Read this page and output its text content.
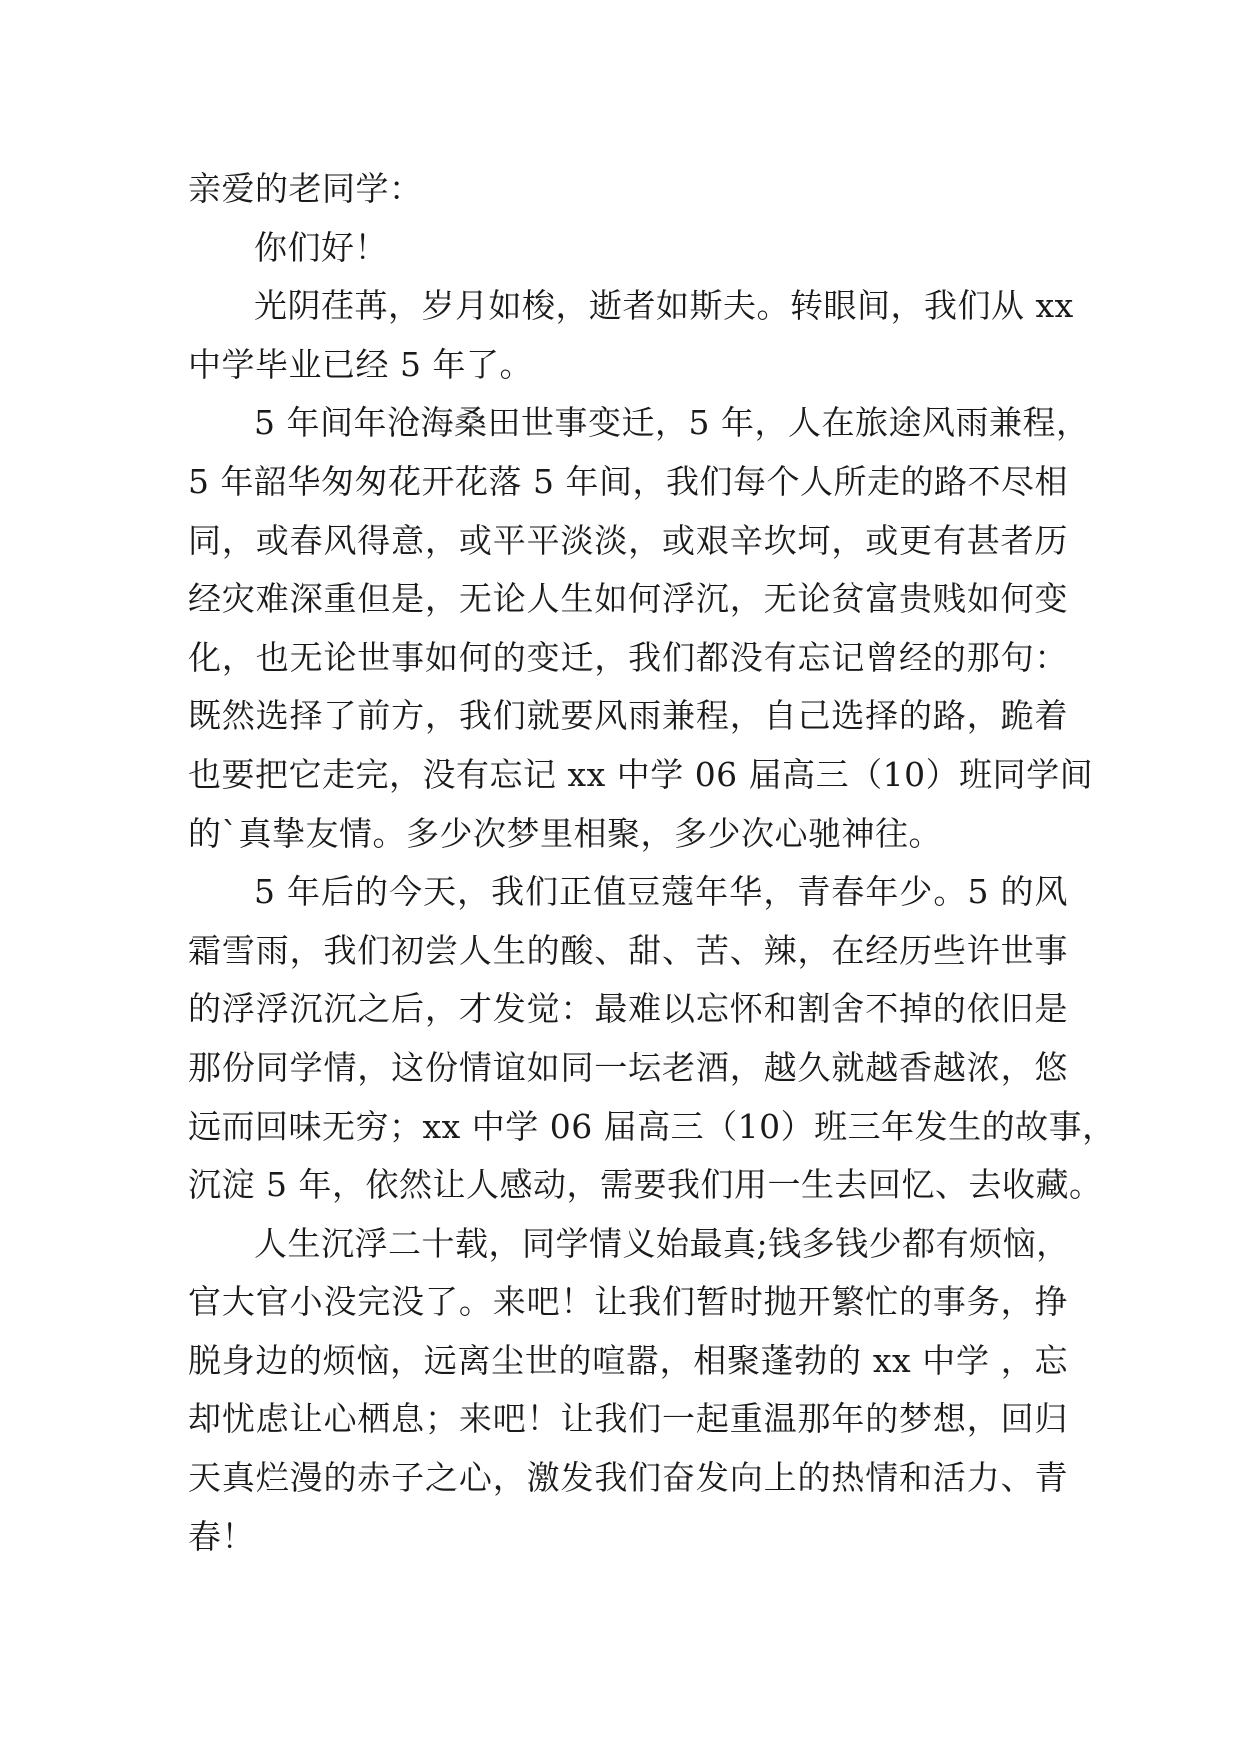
亲爱的老同学：
你们好！
光阴荏苒，岁月如梭，逝者如斯夫。转眼间，我们从 xx
中学毕业已经 5 年了。
5 年间年沧海桑田世事变迁，5 年，人在旅途风雨兼程，
5 年韶华匆匆花开花落 5 年间，我们每个人所走的路不尽相
同，或春风得意，或平平淡淡，或艰辛坎坷，或更有甚者历
经灾难深重但是，无论人生如何浮沉，无论贫富贵贱如何变
化，也无论世事如何的变迁，我们都没有忘记曾经的那句：
既然选择了前方，我们就要风雨兼程，自己选择的路，跪着
也要把它走完，没有忘记 xx 中学 06 届高三（10）班同学间
的`真挚友情。多少次梦里相聚，多少次心驰神往。
5 年后的今天，我们正值豆蔻年华，青春年少。5 的风
霜雪雨，我们初尝人生的酸、甜、苦、辣，在经历些许世事
的浮浮沉沉之后，才发觉：最难以忘怀和割舍不掉的依旧是
那份同学情，这份情谊如同一坛老酒，越久就越香越浓，悠
远而回味无穷；xx 中学 06 届高三（10）班三年发生的故事，
沉淀 5 年，依然让人感动，需要我们用一生去回忆、去收藏。
人生沉浮二十载，同学情义始最真;钱多钱少都有烦恼，
官大官小没完没了。来吧！让我们暂时抛开繁忙的事务，挣
脱身边的烦恼，远离尘世的喧嚣，相聚蓬勃的 xx 中学 ，忘
却忧虑让心栖息；来吧！让我们一起重温那年的梦想，回归
天真烂漫的赤子之心，激发我们奋发向上的热情和活力、青
春！
